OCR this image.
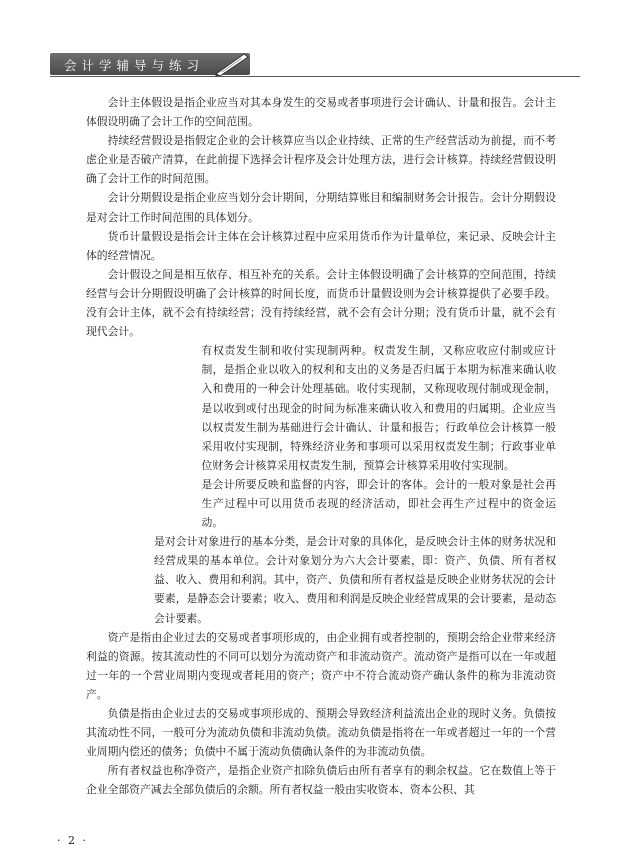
会计学辅导与练习

会计主体假设是指企业应当对其本身发生的交易或者事项进行会计确认、计量和报告。会计主体假设明确了会计工作的空间范围。

持续经营假设是指假定企业的会计核算应当以企业持续、正常的生产经营活动为前提，而不考虑企业是否破产清算，在此前提下选择会计程序及会计处理方法，进行会计核算。持续经营假设明确了会计工作的时间范围。

会计分期假设是指企业应当划分会计期间，分期结算账目和编制财务会计报告。会计分期假设是对会计工作时间范围的具体划分。

货币计量假设是指会计主体在会计核算过程中应采用货币作为计量单位，来记录、反映会计主体的经营情况。

会计假设之间是相互依存、相互补充的关系。会计主体假设明确了会计核算的空间范围，持续经营与会计分期假设明确了会计核算的时间长度，而货币计量假设则为会计核算提供了必要手段。没有会计主体，就不会有持续经营；没有持续经营，就不会有会计分期；没有货币计量，就不会有现代会计。

有权责发生制和收付实现制两种。权责发生制，又称应收应付制或应计制，是指企业以收入的权利和支出的义务是否归属于本期为标准来确认收入和费用的一种会计处理基础。收付实现制，又称现收现付制或现金制，是以收到或付出现金的时间为标准来确认收入和费用的归属期。企业应当以权责发生制为基础进行会计确认、计量和报告；行政单位会计核算一般采用收付实现制，特殊经济业务和事项可以采用权责发生制；行政事业单位财务会计核算采用权责发生制，预算会计核算采用收付实现制。

是会计所要反映和监督的内容，即会计的客体。会计的一般对象是社会再生产过程中可以用货币表现的经济活动，即社会再生产过程中的资金运动。

是对会计对象进行的基本分类，是会计对象的具体化，是反映会计主体的财务状况和经营成果的基本单位。会计对象划分为六大会计要素，即：资产、负债、所有者权益、收入、费用和利润。其中，资产、负债和所有者权益是反映企业财务状况的会计要素，是静态会计要素；收入、费用和利润是反映企业经营成果的会计要素，是动态会计要素。

资产是指由企业过去的交易或者事项形成的，由企业拥有或者控制的，预期会给企业带来经济利益的资源。按其流动性的不同可以划分为流动资产和非流动资产。流动资产是指可以在一年或超过一年的一个营业周期内变现或者耗用的资产；资产中不符合流动资产确认条件的称为非流动资产。

负债是指由企业过去的交易或事项形成的、预期会导致经济利益流出企业的现时义务。负债按其流动性不同，一般可分为流动负债和非流动负债。流动负债是指将在一年或者超过一年的一个营业周期内偿还的债务；负债中不属于流动负债确认条件的为非流动负债。

所有者权益也称净资产，是指企业资产扣除负债后由所有者享有的剩余权益。它在数值上等于企业全部资产减去全部负债后的余额。所有者权益一般由实收资本、资本公积、其

· 2 ·
